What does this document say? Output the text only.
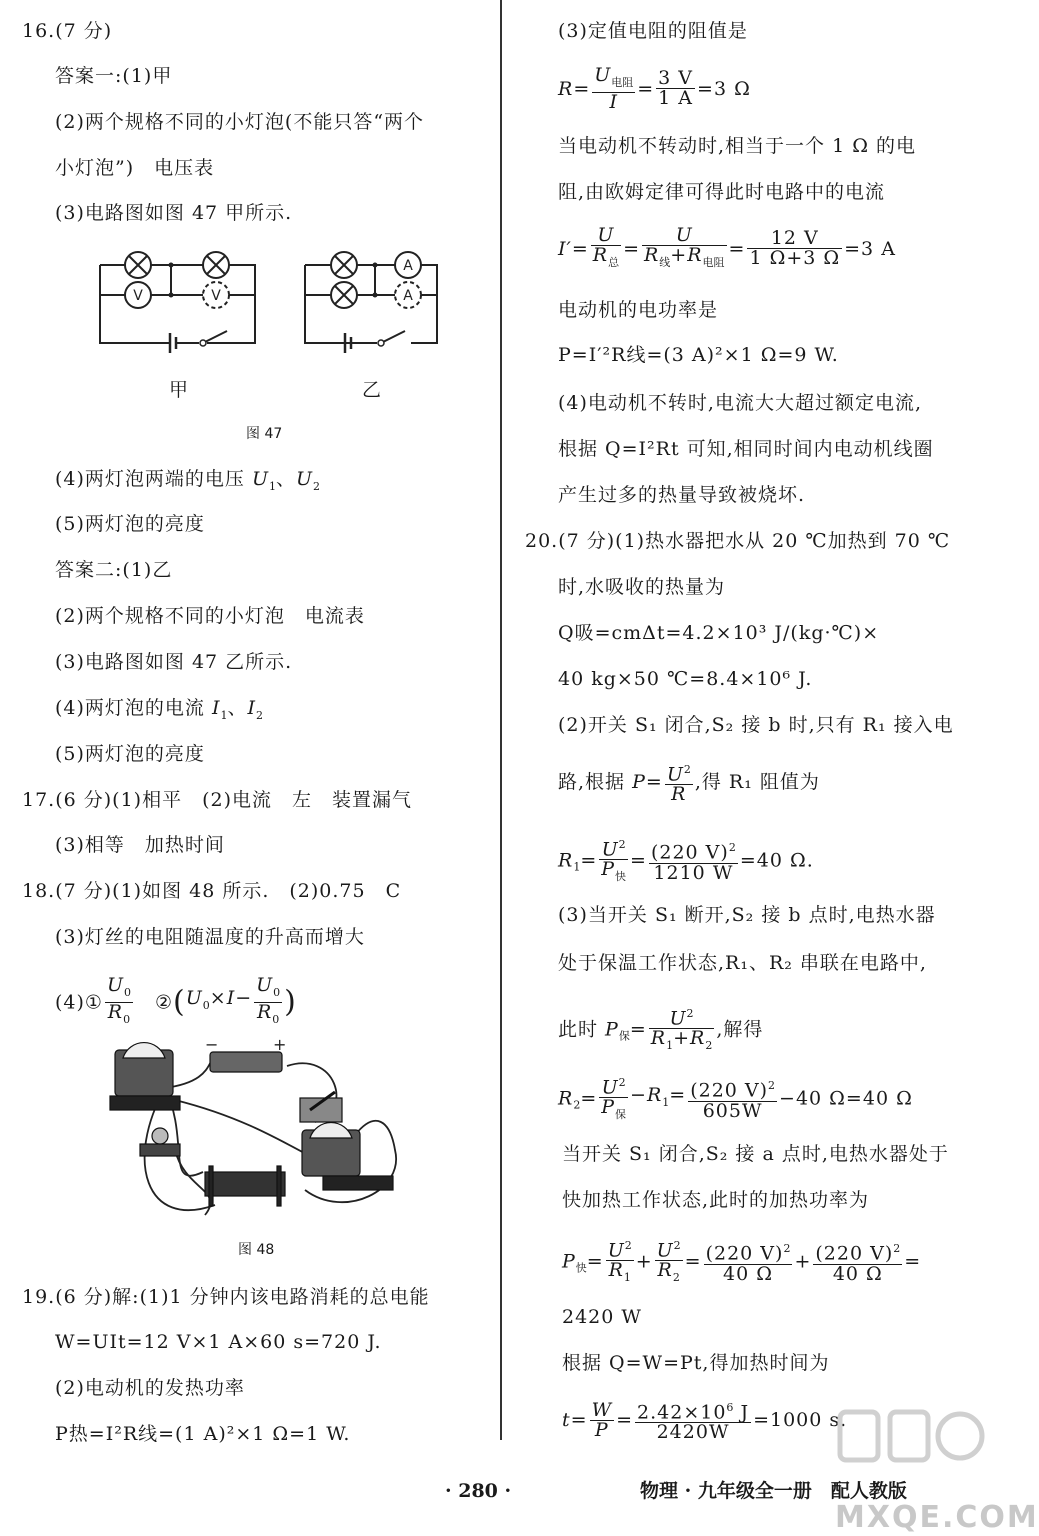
16.(7 分)
答案一:(1)甲
(2)两个规格不同的小灯泡(不能只答“两个
小灯泡”)　电压表
(3)电路图如图 47 甲所示.
V	V
A
A
甲	乙
图 47
(4)两灯泡两端的电压 $U_1$、$U_2$
(5)两灯泡的亮度
答案二:(1)乙
(2)两个规格不同的小灯泡　电流表
(3)电路图如图 47 乙所示.
(4)两灯泡的电流 $I_1$、$I_2$
(5)两灯泡的亮度
17.(6 分)(1)相平　(2)电流　左　装置漏气
(3)相等　加热时间
18.(7 分)(1)如图 48 所示.　(2)0.75　C
(3)灯丝的电阻随温度的升高而增大
(4)① $\frac{U_0}{R_0}$
　 $②(U_0\times I- \frac{U_0}{R_0}$ )
−	+
图 48
19.(6 分)解:(1)1 分钟内该电路消耗的总电能
W=UIt=12 V×1 A×60 s=720 J.
(2)电动机的发热功率
P热=I²R线=(1 A)²×1 Ω=1 W.
(3)定值电阻的阻值是
$R= \frac{U_{电阻}}{I} = \frac{3 V}{1 A} =3$ Ω
当电动机不转动时,相当于一个 1 Ω 的电
阻,由欧姆定律可得此时电路中的电流
$I'= \frac{U}{R_总} = \frac{U}{R_线+R_{电阻}} = \frac{12 V}{1 \Omega+3 \Omega} =3$ A
电动机的电功率是
P=I′²R线=(3 A)²×1 Ω=9 W.
(4)电动机不转时,电流大大超过额定电流,
根据 Q=I²Rt 可知,相同时间内电动机线圈
产生过多的热量导致被烧坏.
20.(7 分)(1)热水器把水从 20 ℃加热到 70 ℃
时,水吸收的热量为
Q吸=cmΔt=4.2×10³ J/(kg·℃)×
40 kg×50 ℃=8.4×10⁶ J.
(2)开关 S₁ 闭合,S₂ 接 b 时,只有 R₁ 接入电
路,根据 $P= \frac{U^2}{R}$ ,得 R₁ 阻值为
$R_1= \frac{U^2}{P_快} = \frac{(220 V)^2}{1210 W} =40$ Ω.
(3)当开关 S₁ 断开,S₂ 接 b 点时,电热水器
处于保温工作状态,R₁、R₂ 串联在电路中,
此时 $P_保= \frac{U^2}{R_1+R_2}$ ,解得
$R_2= \frac{U^2}{P_保} -R_1= \frac{(220 V)^2}{605W} -40$ Ω=40 Ω
当开关 S₁ 闭合,S₂ 接 a 点时,电热水器处于
快加热工作状态,此时的加热功率为
$P_快= \frac{U^2}{R_1} + \frac{U^2}{R_2} = \frac{(220 V)^2}{40 \Omega} + \frac{(220 V)^2}{40 \Omega}$ =
2420 W
根据 Q=W=Pt,得加热时间为
$t= \frac{W}{P} = \frac{2.42\times 10^6 J}{2420W} =1000$ s.
· 280 ·	物理 · 九年级全一册　配人教版
MXQE.COM
